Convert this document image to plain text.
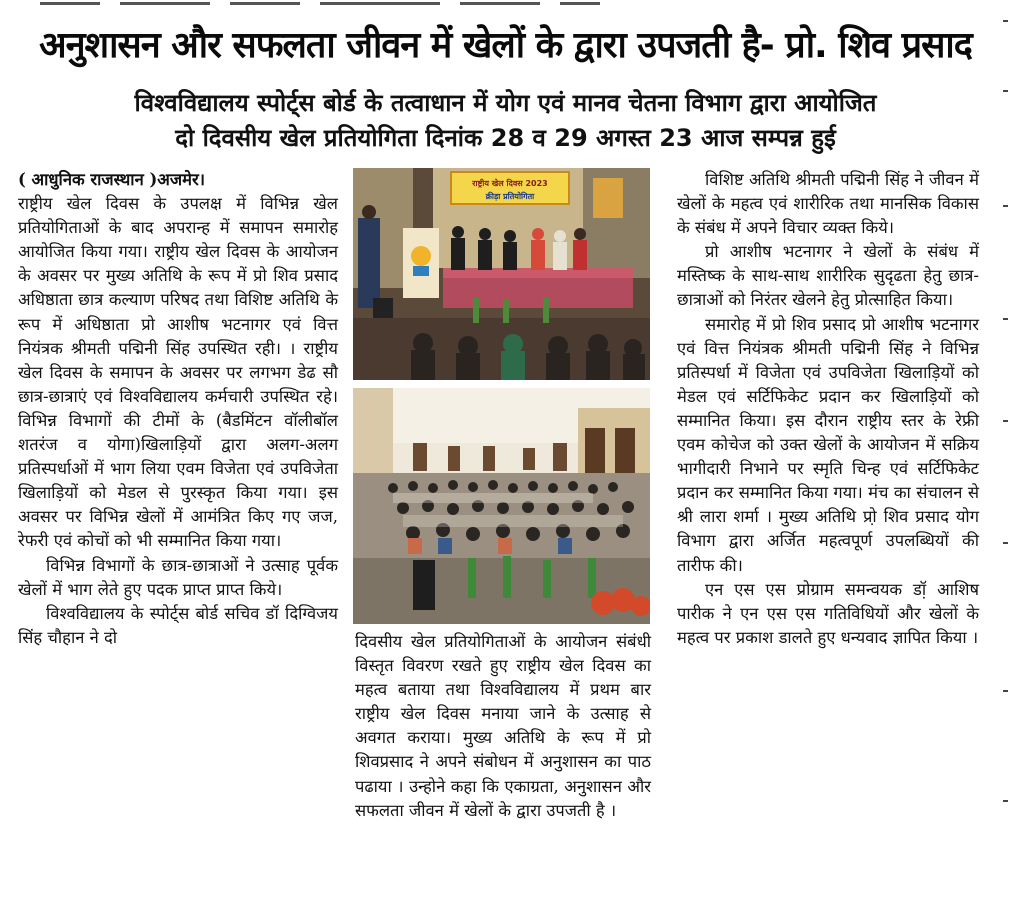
अनुशासन और सफलता जीवन में खेलों के द्वारा उपजती है- प्रो. शिव प्रसाद
विश्वविद्यालय स्पोर्ट्स बोर्ड के तत्वाधान में योग एवं मानव चेतना विभाग द्वारा आयोजित
दो दिवसीय खेल प्रतियोगिता दिनांक 28 व 29 अगस्त 23 आज सम्पन्न हुई

( आधुनिक राजस्थान )अजमेर।
राष्ट्रीय खेल दिवस के उपलक्ष में विभिन्न खेल प्रतियोगिताओं के बाद अपरान्ह में समापन समारोह आयोजित किया गया। राष्ट्रीय खेल दिवस के आयोजन के अवसर पर मुख्य अतिथि के रूप में प्रो शिव प्रसाद अधिष्ठाता छात्र कल्याण परिषद तथा विशिष्ट अतिथि के रूप में अधिष्ठाता प्रो आशीष भटनागर एवं वित्त नियंत्रक श्रीमती पद्मिनी सिंह उपस्थित रही। । राष्ट्रीय खेल दिवस के समापन के अवसर पर लगभग डेढ सौ छात्र-छात्राएं एवं विश्वविद्यालय कर्मचारी उपस्थित रहे। विभिन्न विभागों की टीमों के (बैडमिंटन वॉलीबॉल शतरंज व योगा)खिलाड़ियों द्वारा अलग-अलग प्रतिस्पर्धाओं में भाग लिया एवम विजेता एवं उपविजेता खिलाड़ियों को मेडल से पुरस्कृत किया गया। इस अवसर पर विभिन्न खेलों में आमंत्रित किए गए जज, रेफरी एवं कोचों को भी सम्मानित किया गया।

विभिन्न विभागों के छात्र-छात्राओं ने उत्साह पूर्वक खेलों में भाग लेते हुए पदक प्राप्त प्राप्त किये।

विश्वविद्यालय के स्पोर्ट्स बोर्ड सचिव डॉ दिग्विजय सिंह चौहान ने दो

राष्ट्रीय खेल दिवस 2023
क्रीड़ा प्रतियोगिता

दिवसीय खेल प्रतियोगिताओं के आयोजन संबंधी विस्तृत विवरण रखते हुए राष्ट्रीय खेल दिवस का महत्व बताया तथा विश्वविद्यालय में प्रथम बार राष्ट्रीय खेल दिवस मनाया जाने के उत्साह से अवगत कराया। मुख्य अतिथि के रूप में प्रो शिवप्रसाद ने अपने संबोधन में अनुशासन का पाठ पढाया । उन्होने कहा कि एकाग्रता, अनुशासन और सफलता जीवन में खेलों के द्वारा उपजती है ।

विशिष्ट अतिथि श्रीमती पद्मिनी सिंह ने जीवन में खेलों के महत्व एवं शारीरिक तथा मानसिक विकास के संबंध में अपने विचार व्यक्त किये।

प्रो आशीष भटनागर ने खेलों के संबंध में मस्तिष्क के साथ-साथ शारीरिक सुदृढता हेतु छात्र-छात्राओं को निरंतर खेलने हेतु प्रोत्साहित किया।

समारोह में प्रो शिव प्रसाद प्रो आशीष भटनागर एवं वित्त नियंत्रक श्रीमती पद्मिनी सिंह ने विभिन्न प्रतिस्पर्धा में विजेता एवं उपविजेता खिलाड़ियों को मेडल एवं सर्टिफिकेट प्रदान कर खिलाड़ियों को सम्मानित किया। इस दौरान राष्ट्रीय स्तर के रेफ्री एवम कोचेज को उक्त खेलों के आयोजन में सक्रिय भागीदारी निभाने पर स्मृति चिन्ह एवं सर्टिफिकेट प्रदान कर सम्मानित किया गया। मंच का संचालन से श्री लारा शर्मा । मुख्य अतिथि प्रो़ शिव प्रसाद योग विभाग द्वारा अर्जित महत्वपूर्ण उपलब्धियों की तारीफ की।

एन एस एस प्रोग्राम समन्वयक डॉ़ आशिष पारीक ने एन एस एस गतिविधियों और खेलों के महत्व पर प्रकाश डालते हुए धन्यवाद ज्ञापित किया ।
